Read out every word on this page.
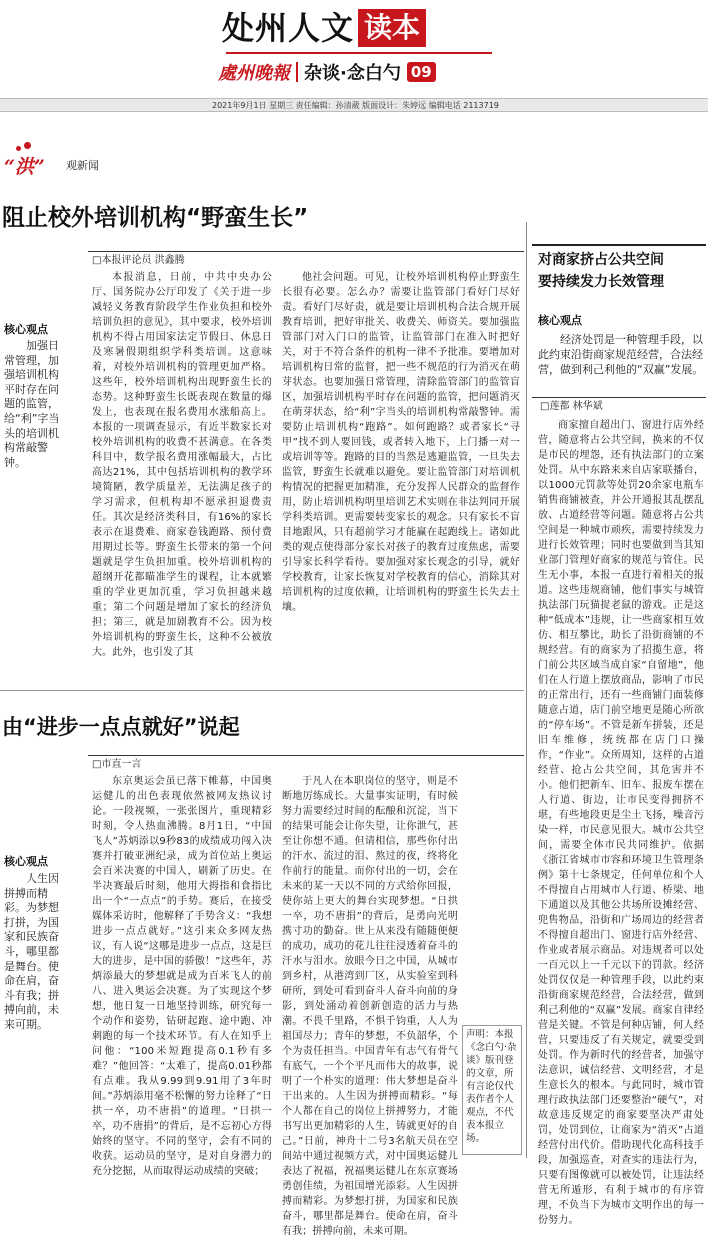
处州人文 读本
處州晚報 杂谈·念白勺 09
2021年9月1日 星期三 责任编辑：孙清葳 版面设计：朱婷远 编辑电话 2113719
“洪” 观新闻
阻止校外培训机构“野蛮生长”
□本报评论员 洪鑫腾
核心观点
加强日常管理，加强培训机构平时存在问题的监管，给“利”字当头的培训机构常敲警钟。
本报消息，日前，中共中央办公厅、国务院办公厅印发了《关于进一步减轻义务教育阶段学生作业负担和校外培训负担的意见》，其中要求，校外培训机构不得占用国家法定节假日、休息日及寒暑假期组织学科类培训。这意味着，对校外培训机构的管理更加严格。这些年，校外培训机构出现野蛮生长的态势。这种野蛮生长既表现在数量的爆发上，也表现在报名费用水涨船高上。本报的一项调查显示，有近半数家长对校外培训机构的收费不甚满意。在各类科目中，数学报名费用涨幅最大，占比高达21%，其中包括培训机构的教学环境简陋，教学质量差，无法满足孩子的学习需求，但机构却不愿承担退费责任。其次是经济类科目，有16%的家长表示在退费难、商家卷钱跑路、预付费用期过长等。野蛮生长带来的第一个问题就是学生负担加重。校外培训机构的超纲开花都瞄准学生的课程，让本就繁重的学业更加沉重，学习负担越来越重；第二个问题是增加了家长的经济负担；第三，就是加剧教育不公。因为校外培训机构的野蛮生长，这种不公被放大。此外，也引发了其
他社会问题。可见，让校外培训机构停止野蛮生长很有必要。怎么办？需要让监管部门看好门尽好责。看好门尽好责，就是要让培训机构合法合规开展教育培训，把好审批关、收费关、师资关。要加强监管部门对入门口的监管，让监管部门在准入时把好关，对于不符合条件的机构一律不予批准。要增加对培训机构日常的监督，把一些不规范的行为消灭在萌芽状态。也要加强日常管理，清除监管部门的监管盲区，加强培训机构平时存在问题的监管，把问题消灭在萌芽状态，给“利”字当头的培训机构常敲警钟。需要防止培训机构“跑路”。如何跑路？或者家长“寻甲”找不到人要回钱，或者转入地下，上门播一对一或培训等等。跑路的目的当然是逃避监管，一旦失去监管，野蛮生长就难以避免。要让监管部门对培训机构情况的把握更加精准，充分发挥人民群众的监督作用，防止培训机构明里培训艺术实则在非法判同开展学科类培训。更需要转变家长的观念。只有家长不盲目地跟风，只有超前学习才能赢在起跑线上。诸如此类的观点使得部分家长对孩子的教育过度焦虑，需要引导家长科学看待。要加强对家长观念的引导，就好学校教育，让家长恢复对学校教育的信心，消除其对培训机构的过度依赖，让培训机构的野蛮生长失去土壤。
由“进步一点点就好”说起
□市直一言
核心观点
人生因拼搏而精彩。为梦想打拼，为国家和民族奋斗，哪里都是舞台。使命在肩，奋斗有我；拼搏向前，未来可期。
东京奥运会虽已落下帷幕，中国奥运健儿的出色表现依然被网友热议讨论。一段视频，一张张图片，重现精彩时刻，令人热血沸腾。8月1日，“中国飞人”苏炳添以9秒83的成绩成功闯入决赛并打破亚洲纪录，成为首位站上奥运会百米决赛的中国人，刷新了历史。在半决赛最后时刻，他用大拇指和食指比出一个“一点点”的手势。赛后，在接受媒体采访时，他解释了手势含义：“我想进步一点点就好。”这引来众多网友热议，有人说“这哪是进步一点点，这是巨大的进步，是中国的骄傲！”这些年，苏炳添最大的梦想就是成为百米飞人的前八、进入奥运会决赛。为了实现这个梦想，他日复一日地坚持训练，研究每一个动作和姿势，钻研起跑、途中跑、冲刺跑的每一个技术环节。有人在知乎上问他：“100米短跑提高0.1秒有多难？”他回答：“太难了，提高0.01秒都有点难。我从9.99到9.91用了3年时间。”苏炳添用毫不松懈的努力诠释了“日拱一卒，功不唐捐”的道理。“日拱一卒，功不唐捐”的背后，是不忘初心方得始终的坚守。不同的坚守，会有不同的收获。运动员的坚守，是对自身潜力的充分挖掘，从而取得运动成绩的突破；
于凡人在本职岗位的坚守，则是不断地厉练成长。大量事实证明，有时候努力需要经过时间的酝酿和沉淀，当下的结果可能会让你失望，让你泄气，甚至让你想不通。但请相信，那些你付出的汗水、流过的泪、熬过的夜，终将化作前行的能量。而你付出的一切，会在未来的某一天以不同的方式给你回报，使你站上更大的舞台实现梦想。“日拱一卒，功不唐捐”的背后，是勇向光明携寸功的勤奋。世上从来没有随随便便的成功，成功的花儿往往浸透着奋斗的汗水与泪水。放眼今日之中国，从城市到乡村，从港湾到厂区，从实验室到科研所，到处可看到奋斗人奋斗向前的身影，到处涌动着创新创造的活力与热潮。不畏千里路，不惧千钧重，人人为祖国尽力；青年的梦想，不负韶华，个个为责任担当。中国青年有志气有骨气有底气，一个个平凡而伟大的故事，说明了一个朴实的道理：伟大梦想是奋斗干出来的。人生因为拼搏而精彩。“每个人都在自己的岗位上拼搏努力，才能书写出更加精彩的人生，铸就更好的自己。”日前，神舟十二号3名航天员在空间站中通过视频方式，对中国奥运健儿表达了祝福，祝福奥运健儿在东京赛场勇创佳绩，为祖国增光添彩。人生因拼搏而精彩。为梦想打拼，为国家和民族奋斗，哪里都是舞台。使命在肩，奋斗有我；拼搏向前，未来可期。
声明：本报《念白勺·杂谈》版刊登的文章，所有言论仅代表作者个人观点，不代表本报立场。
对商家挤占公共空间
要持续发力长效管理
核心观点
经济处罚是一种管理手段，以此约束沿街商家规范经营，合法经营，做到利己利他的“双赢”发展。
□莲都 林华斌
商家擅自超出门、窗进行店外经营，随意将占公共空间，换来的不仅是市民的埋怨，还有执法部门的立案处罚。从中东路来来自店家联播台，以1000元罚款等处罚20余家电瓶车销售商铺被查，并公开通报其乱摆乱放、占道经营等问题。随意将占公共空间是一种城市顽疾，需要持续发力进行长效管理；同时也要做到当其知业部门管理好商家的规范与管住。民生无小事，本报一直进行着相关的报道。这些违规商铺，他们事实与城管执法部门玩猫捉老鼠的游戏。正是这种“低成本”违规，让一些商家相互效仿、相互攀比，助长了沿街商铺的不规经营。有的商家为了招揽生意，将门前公共区域当成自家“自留地”，他们在人行道上摆放商品，影响了市民的正常出行，还有一些商铺门面装修随意占道，店门前空地更是随心所欲的“停车场”。不管是新车拼装，还是旧车维修，统统都在店门口操作，“作业”。众所周知，这样的占道经营、抢占公共空间，其危害并不小。他们把新车、旧车、报废车摆在人行道、街边，让市民变得拥挤不堪，有些地段更是尘土飞扬，噪音污染一样，市民意见很大。城市公共空间，需要全体市民共同维护。依据《浙江省城市市容和环境卫生管理条例》第十七条规定，任何单位和个人不得擅自占用城市人行道、桥梁、地下通道以及其他公共场所设摊经营、兜售物品，沿街和广场周边的经营者不得擅自超出门、窗进行店外经营、作业或者展示商品。对违规者可以处一百元以上一千元以下的罚款。经济处罚仅仅是一种管理手段，以此约束沿街商家规范经营，合法经营，做到利己利他的“双赢”发展。商家自律经营是关键。不管是何种店铺，何人经营，只要违反了有关规定，就要受到处罚。作为新时代的经营者，加强守法意识，诚信经营、文明经营，才是生意长久的根本。与此同时，城市管理行政执法部门还要整治“硬气”，对故意违反规定的商家要坚决严肃处罚，处罚到位，让商家为“消灭”占道经营付出代价。借助现代化高科技手段，加强巡查，对查实的违法行为，只要有图像就可以被处罚，让违法经营无所遁形，有利于城市的有序管理，不负当下为城市文明作出的每一份努力。
